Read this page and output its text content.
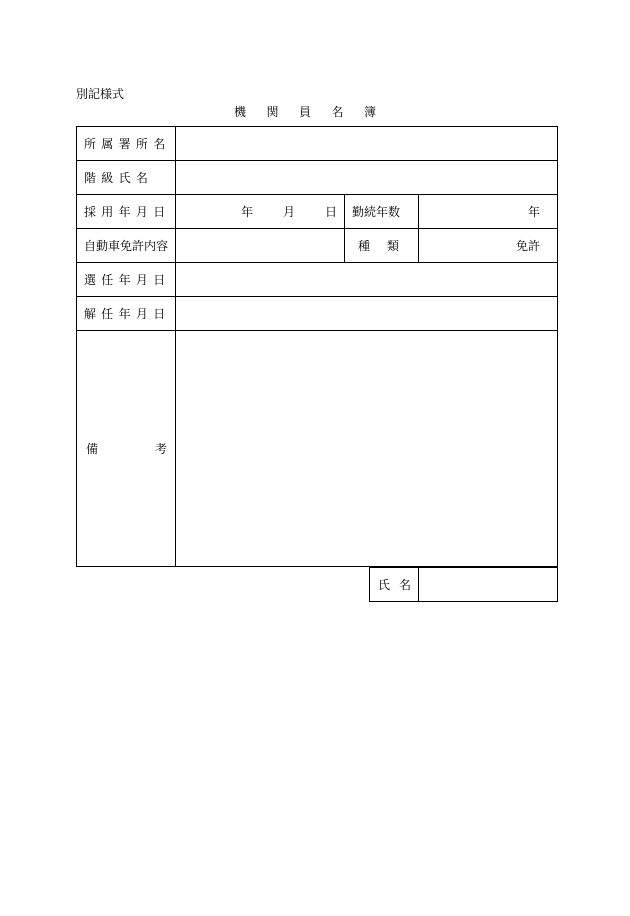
別記様式
機関員名簿
所属署所名			
階級氏名			
採用年月日	年 月 日	勤続年数	年
自動車免許内容		種 類	免許
選任年月日			
解任年月日			

備 考			

氏 名
